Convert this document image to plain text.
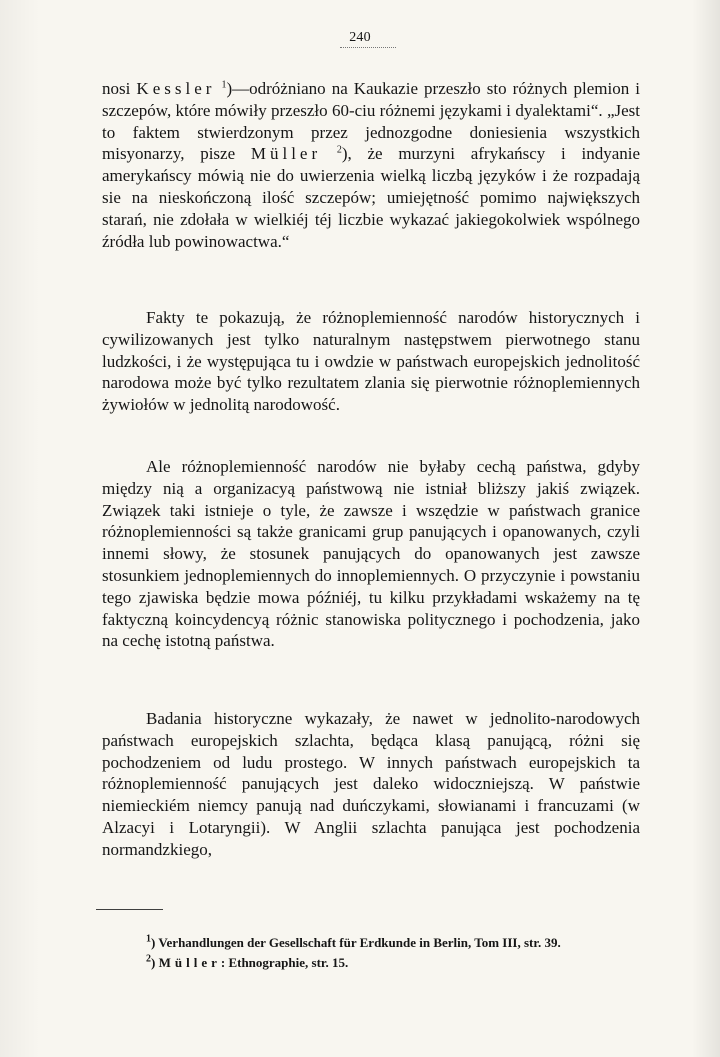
240
nosi Kessler $^1$)—odróżniano na Kaukazie przeszło sto różnych plemion i szczepów, które mówiły przeszło 60-ciu różnemi językami i dyalektami“. „Jest to faktem stwierdzonym przez jednozgodne doniesienia wszystkich misyonarzy, pisze Müller $^2$), że murzyni afrykańscy i indyanie amerykańscy mówią nie do uwierzenia wielką liczbą języków i że rozpadają sie na nieskończoną ilość szczepów; umiejętność pomimo największych starań, nie zdołała w wielkiéj téj liczbie wykazać jakiegokolwiek wspólnego źródła lub powinowactwa.“
Fakty te pokazują, że różnoplemienność narodów historycznych i cywilizowanych jest tylko naturalnym następstwem pierwotnego stanu ludzkości, i że występująca tu i owdzie w państwach europejskich jednolitość narodowa może być tylko rezultatem zlania się pierwotnie różnoplemiennych żywiołów w jednolitą narodowość.
Ale różnoplemienność narodów nie byłaby cechą państwa, gdyby między nią a organizacyą państwową nie istniał bliższy jakiś związek. Związek taki istnieje o tyle, że zawsze i wszędzie w państwach granice różnoplemienności są także granicami grup panujących i opanowanych, czyli innemi słowy, że stosunek panujących do opanowanych jest zawsze stosunkiem jednoplemiennych do innoplemiennych. O przyczynie i powstaniu tego zjawiska będzie mowa późniéj, tu kilku przykładami wskażemy na tę faktyczną koincydencyą różnic stanowiska politycznego i pochodzenia, jako na cechę istotną państwa.
Badania historyczne wykazały, że nawet w jednolito-narodowych państwach europejskich szlachta, będąca klasą panującą, różni się pochodzeniem od ludu prostego. W innych państwach europejskich ta różnoplemienność panujących jest daleko widoczniejszą. W państwie niemieckiém niemcy panują nad duńczykami, słowianami i francuzami (w Alzacyi i Lotaryngii). W Anglii szlachta panująca jest pochodzenia normandzkiego,
$^1$) Verhandlungen der Gesellschaft für Erdkunde in Berlin, Tom III, str. 39.
$^2$) Müller: Ethnographie, str. 15.
